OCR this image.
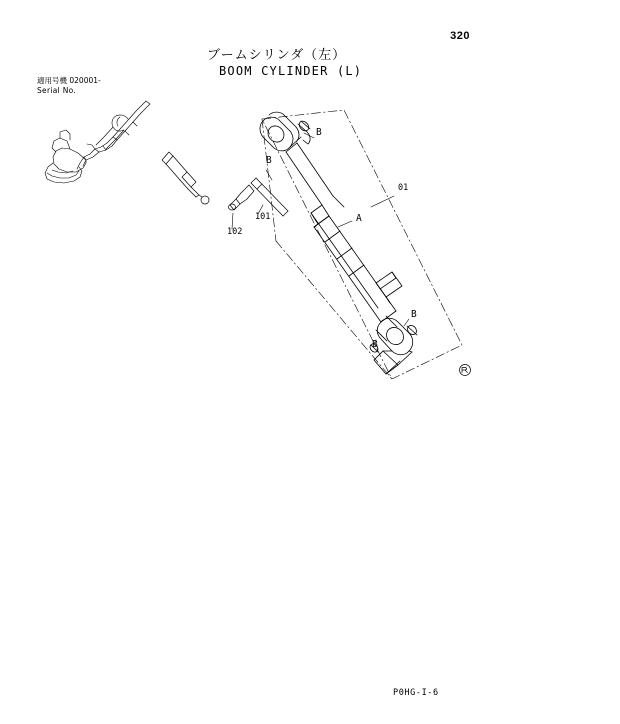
320
ブームシリンダ（左）
BOOM CYLINDER (L)
適用号機 020001-
Serial No.
01
A
B
B
B
B
101
102
P0HG-I-6
